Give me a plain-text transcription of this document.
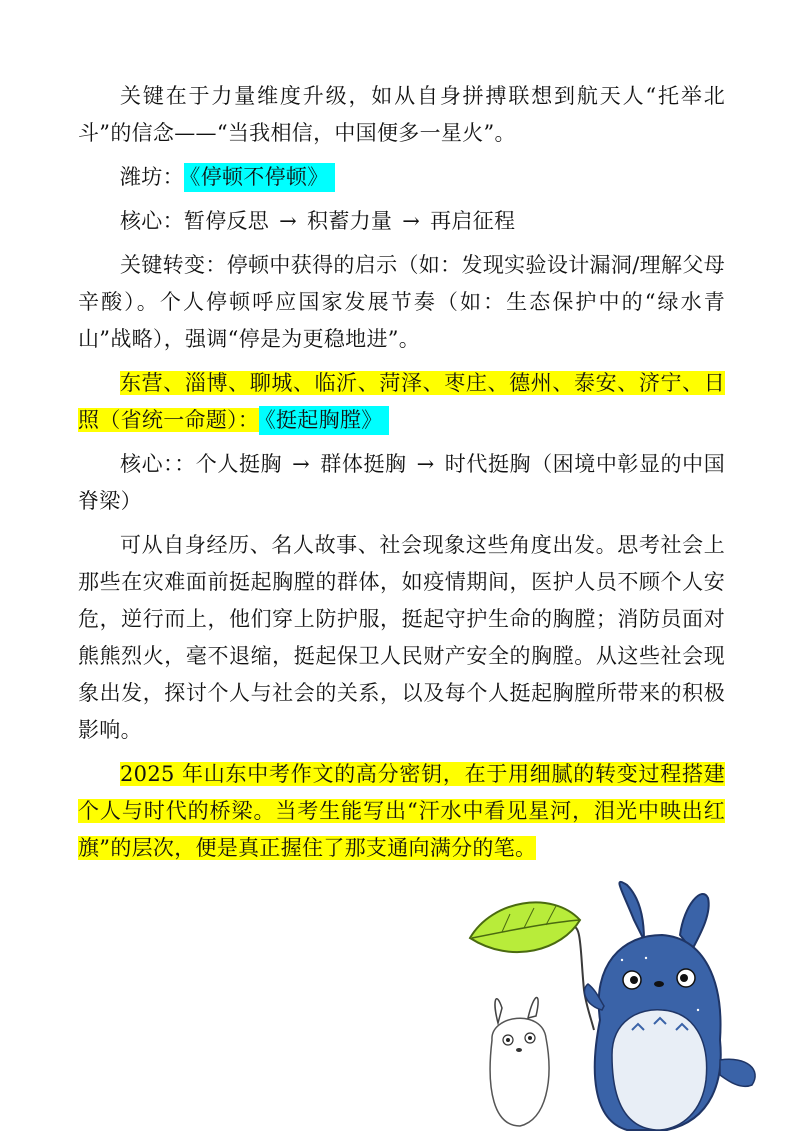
关键在于力量维度升级，如从自身拼搏联想到航天人“托举北斗”的信念——“当我相信，中国便多一星火”。

潍坊： 《停顿不停顿》

核心：暂停反思 → 积蓄力量 → 再启征程

关键转变：停顿中获得的启示（如：发现实验设计漏洞/理解父母辛酸）。个人停顿呼应国家发展节奏（如：生态保护中的“绿水青山”战略），强调“停是为更稳地进”。

东营、淄博、聊城、临沂、菏泽、枣庄、德州、泰安、济宁、日照（省统一命题）： 《挺起胸膛》

核心：：个人挺胸 → 群体挺胸 → 时代挺胸（困境中彰显的中国脊梁）

可从自身经历、名人故事、社会现象这些角度出发。思考社会上那些在灾难面前挺起胸膛的群体，如疫情期间，医护人员不顾个人安危，逆行而上，他们穿上防护服，挺起守护生命的胸膛；消防员面对熊熊烈火，毫不退缩，挺起保卫人民财产安全的胸膛。从这些社会现象出发，探讨个人与社会的关系，以及每个人挺起胸膛所带来的积极影响。

2025 年山东中考作文的高分密钥，在于用细腻的转变过程搭建个人与时代的桥梁。当考生能写出“汗水中看见星河，泪光中映出红旗”的层次，便是真正握住了那支通向满分的笔。
